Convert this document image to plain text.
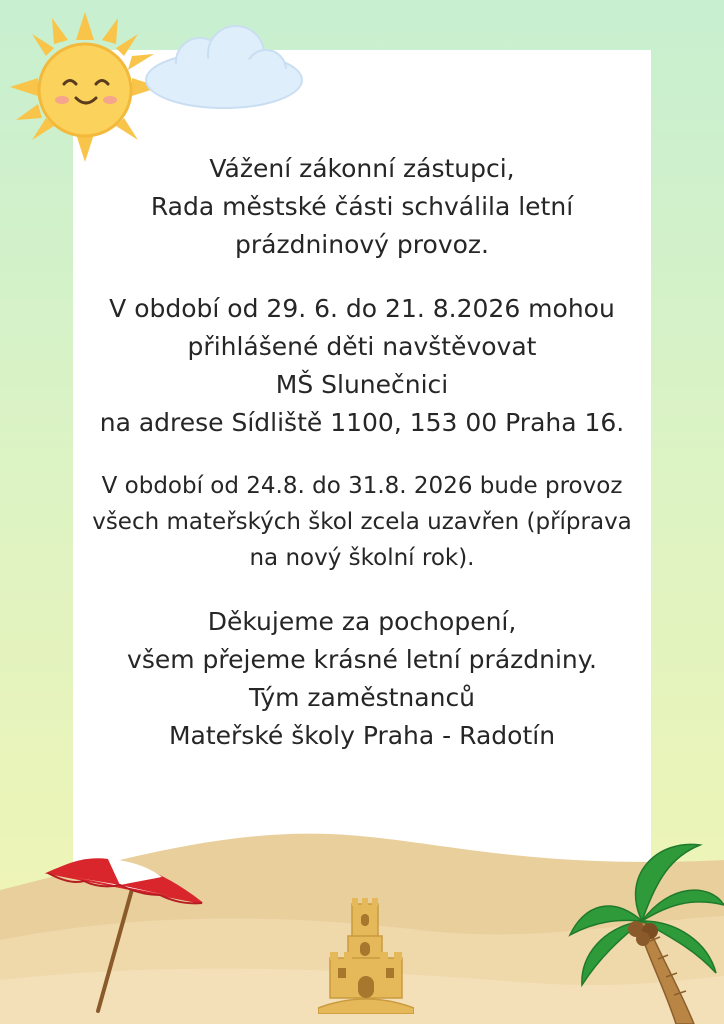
Vážení zákonní zástupci,

Rada městské části schválila letní

prázdninový provoz.

V období od 29. 6. do 21. 8.2026 mohou

přihlášené děti navštěvovat

MŠ Slunečnici

na adrese Sídliště 1100, 153 00 Praha 16.

V období od 24.8. do 31.8. 2026 bude provoz

všech mateřských škol zcela uzavřen (příprava

na nový školní rok).

Děkujeme za pochopení,

všem přejeme krásné letní prázdniny.

Tým zaměstnanců

Mateřské školy Praha - Radotín
